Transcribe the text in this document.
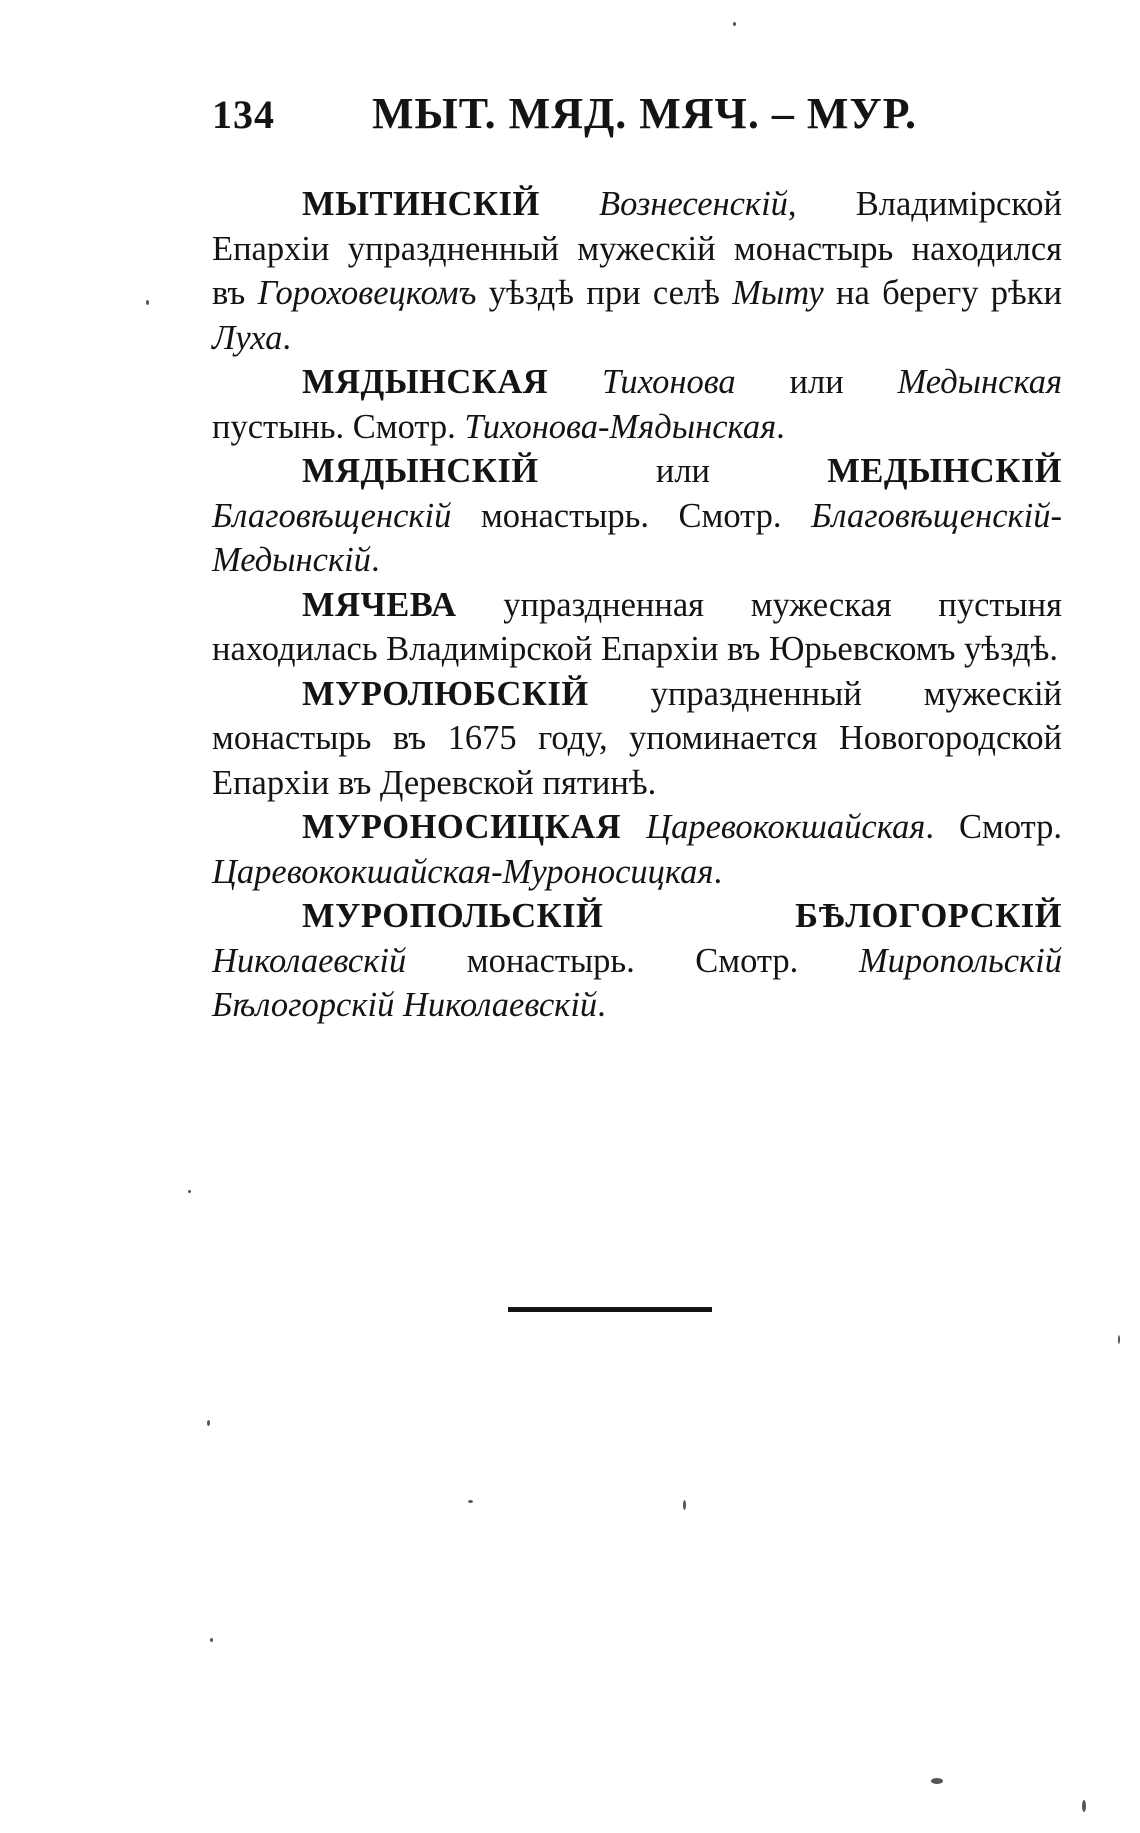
134	МЫТ. МЯД. МЯЧ. – МУР.

МЫТИНСКІЙ Вознесенскій, Владимірской Епархіи упраздненный мужескій монастырь находился въ Гороховецкомъ уѣздѣ при селѣ Мыту на берегу рѣки Луха.

МЯДЫНСКАЯ Тихонова или Медынская пустынь. Смотр. Тихонова-Мядынская.

МЯДЫНСКІЙ	или	МЕДЫНСКІЙ Благовѣщенскій монастырь. Смотр. Благовѣщенскій-Медынскій.

МЯЧЕВА упраздненная мужеская пустыня находилась Владимірской Епархіи въ Юрьевскомъ уѣздѣ.

МУРОЛЮБСКІЙ упраздненный мужескій монастырь въ 1675 году, упоминается Новогородской Епархіи въ Деревской пятинѣ.

МУРОНОСИЦКАЯ Царевококшайская. Смотр. Царевококшайская-Муроносицкая.

МУРОПОЛЬСКІЙ БѢЛОГОРСКІЙ Николаевскій монастырь. Смотр. Миропольскій Бѣлогорскій Николаевскій.
